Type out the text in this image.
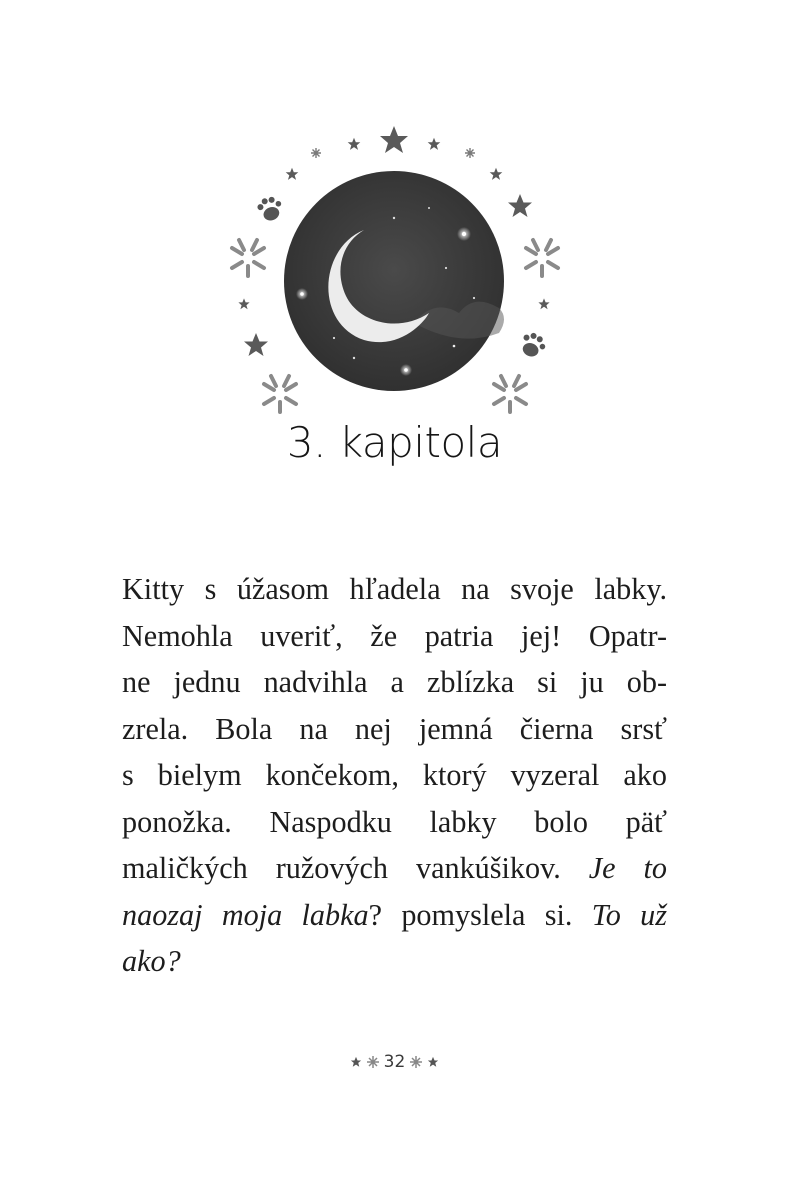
3. kapitola
Kitty s úžasom hľadela na svoje labky.
Nemohla uveriť, že patria jej! Opatr-
ne jednu nadvihla a zblízka si ju ob-
zrela. Bola na nej jemná čierna srsť
s bielym končekom, ktorý vyzeral ako
ponožka. Naspodku labky bolo päť
maličkých ružových vankúšikov. Je to
naozaj moja labka? pomyslela si. To už
ako?
32
